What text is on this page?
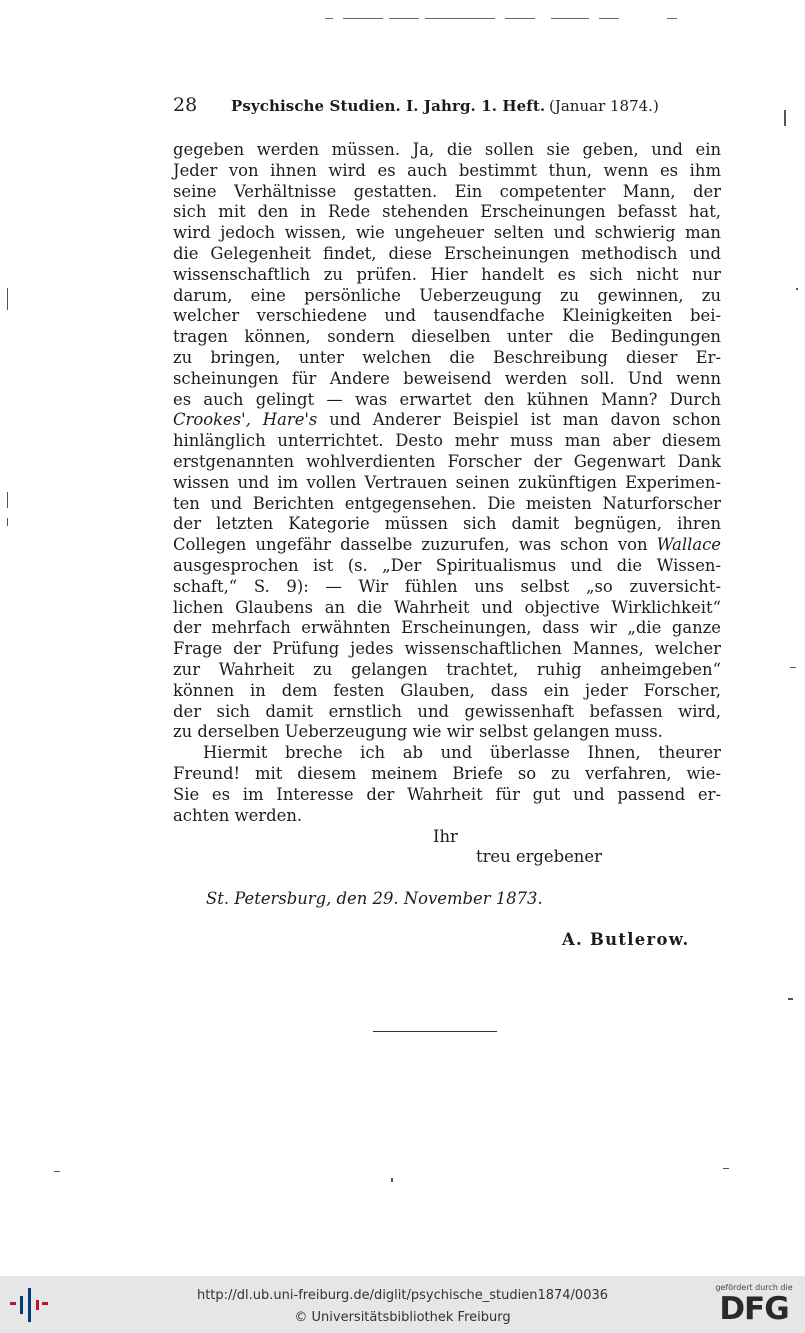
28 Psychische Studien. I. Jahrg. 1. Heft. (Januar 1874.)
gegeben werden müssen. Ja, die sollen sie geben, und ein
Jeder von ihnen wird es auch bestimmt thun, wenn es ihm
seine Verhältnisse gestatten. Ein competenter Mann, der
sich mit den in Rede stehenden Erscheinungen befasst hat,
wird jedoch wissen, wie ungeheuer selten und schwierig man
die Gelegenheit findet, diese Erscheinungen methodisch und
wissenschaftlich zu prüfen. Hier handelt es sich nicht nur
darum, eine persönliche Ueberzeugung zu gewinnen, zu
welcher verschiedene und tausendfache Kleinigkeiten bei-
tragen können, sondern dieselben unter die Bedingungen
zu bringen, unter welchen die Beschreibung dieser Er-
scheinungen für Andere beweisend werden soll. Und wenn
es auch gelingt — was erwartet den kühnen Mann? Durch
Crookes', Hare's und Anderer Beispiel ist man davon schon
hinlänglich unterrichtet. Desto mehr muss man aber diesem
erstgenannten wohlverdienten Forscher der Gegenwart Dank
wissen und im vollen Vertrauen seinen zukünftigen Experimen-
ten und Berichten entgegensehen. Die meisten Naturforscher
der letzten Kategorie müssen sich damit begnügen, ihren
Collegen ungefähr dasselbe zuzurufen, was schon von Wallace
ausgesprochen ist (s. „Der Spiritualismus und die Wissen-
schaft,“ S. 9): — Wir fühlen uns selbst „so zuversicht-
lichen Glaubens an die Wahrheit und objective Wirklichkeit“
der mehrfach erwähnten Erscheinungen, dass wir „die ganze
Frage der Prüfung jedes wissenschaftlichen Mannes, welcher
zur Wahrheit zu gelangen trachtet, ruhig anheimgeben“
können in dem festen Glauben, dass ein jeder Forscher,
der sich damit ernstlich und gewissenhaft befassen wird,
zu derselben Ueberzeugung wie wir selbst gelangen muss.
Hiermit breche ich ab und überlasse Ihnen, theurer
Freund! mit diesem meinem Briefe so zu verfahren, wie-
Sie es im Interesse der Wahrheit für gut und passend er-
achten werden.
Ihr
treu ergebener
St. Petersburg, den 29. November 1873.
A. Butlerow.
http://dl.ub.uni-freiburg.de/diglit/psychische_studien1874/0036
© Universitätsbibliothek Freiburg
gefördert durch die
DFG
